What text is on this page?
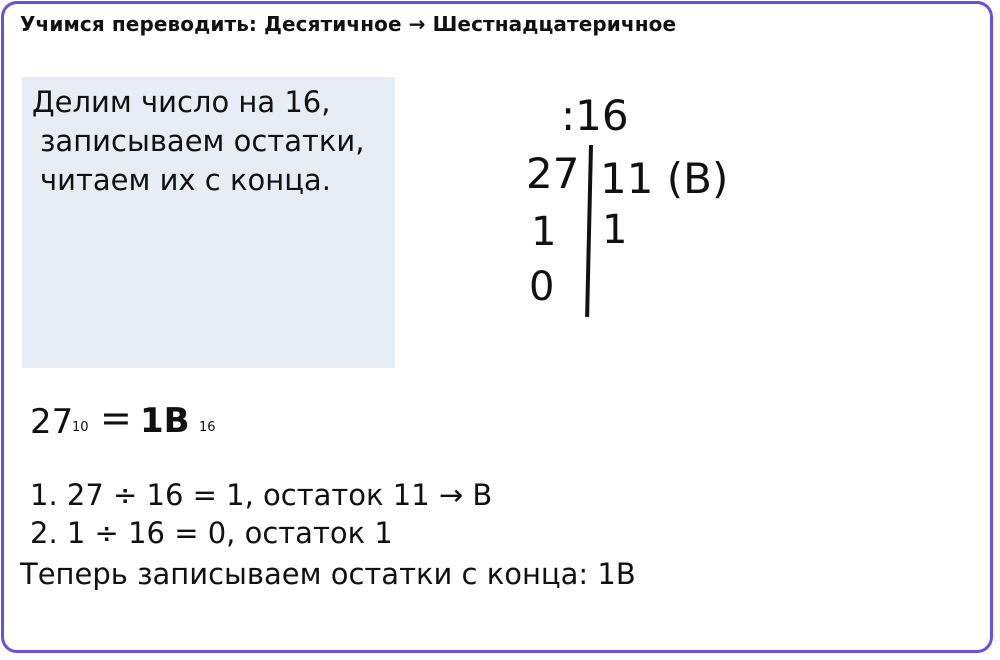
Учимся переводить: Десятичное → Шестнадцатеричное
Делим число на 16,
записываем остатки,
читаем их с конца.
:16
27
1
0
11 (B)
1
27
10 = 1B 16
1. 27 ÷ 16 = 1, остаток 11 → B
2. 1 ÷ 16 = 0, остаток 1
Теперь записываем остатки с конца: 1B
